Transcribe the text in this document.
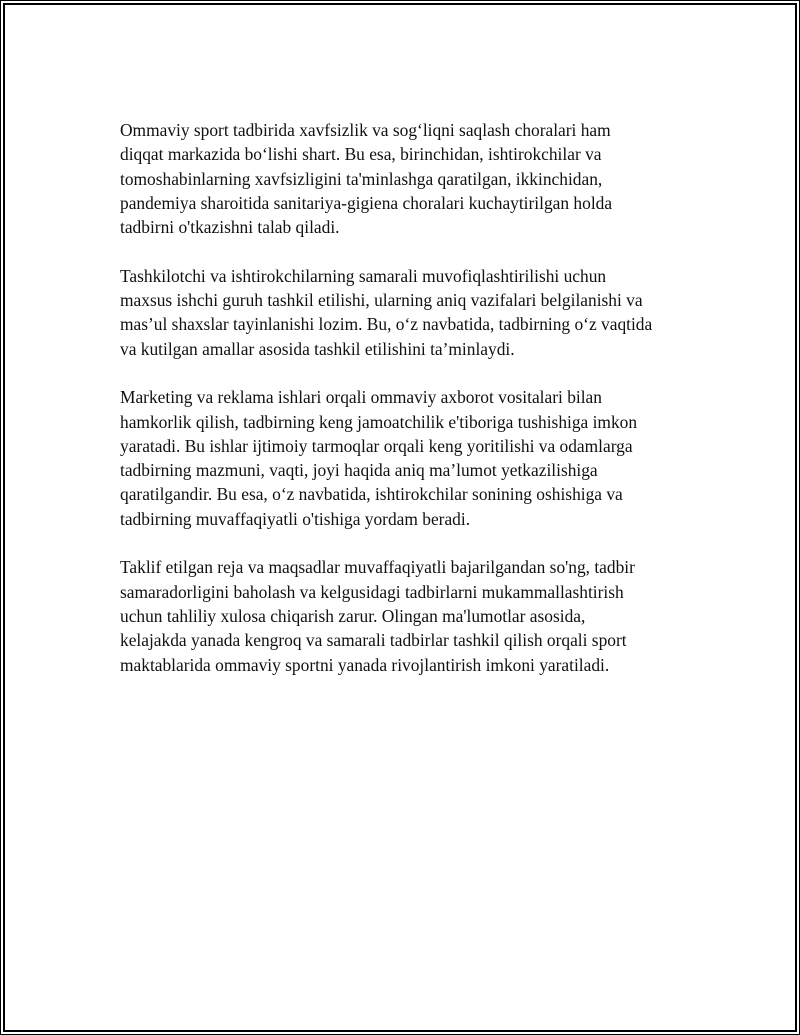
Ommaviy sport tadbirida xavfsizlik va sog‘liqni saqlash choralari ham
diqqat markazida bo‘lishi shart. Bu esa, birinchidan, ishtirokchilar va
tomoshabinlarning xavfsizligini ta'minlashga qaratilgan, ikkinchidan,
pandemiya sharoitida sanitariya-gigiena choralari kuchaytirilgan holda
tadbirni o'tkazishni talab qiladi.

Tashkilotchi va ishtirokchilarning samarali muvofiqlashtirilishi uchun
maxsus ishchi guruh tashkil etilishi, ularning aniq vazifalari belgilanishi va
mas’ul shaxslar tayinlanishi lozim. Bu, o‘z navbatida, tadbirning o‘z vaqtida
va kutilgan amallar asosida tashkil etilishini ta’minlaydi.

Marketing va reklama ishlari orqali ommaviy axborot vositalari bilan
hamkorlik qilish, tadbirning keng jamoatchilik e'tiboriga tushishiga imkon
yaratadi. Bu ishlar ijtimoiy tarmoqlar orqali keng yoritilishi va odamlarga
tadbirning mazmuni, vaqti, joyi haqida aniq ma’lumot yetkazilishiga
qaratilgandir. Bu esa, o‘z navbatida, ishtirokchilar sonining oshishiga va
tadbirning muvaffaqiyatli o'tishiga yordam beradi.

Taklif etilgan reja va maqsadlar muvaffaqiyatli bajarilgandan so'ng, tadbir
samaradorligini baholash va kelgusidagi tadbirlarni mukammallashtirish
uchun tahliliy xulosa chiqarish zarur. Olingan ma'lumotlar asosida,
kelajakda yanada kengroq va samarali tadbirlar tashkil qilish orqali sport
maktablarida ommaviy sportni yanada rivojlantirish imkoni yaratiladi.
